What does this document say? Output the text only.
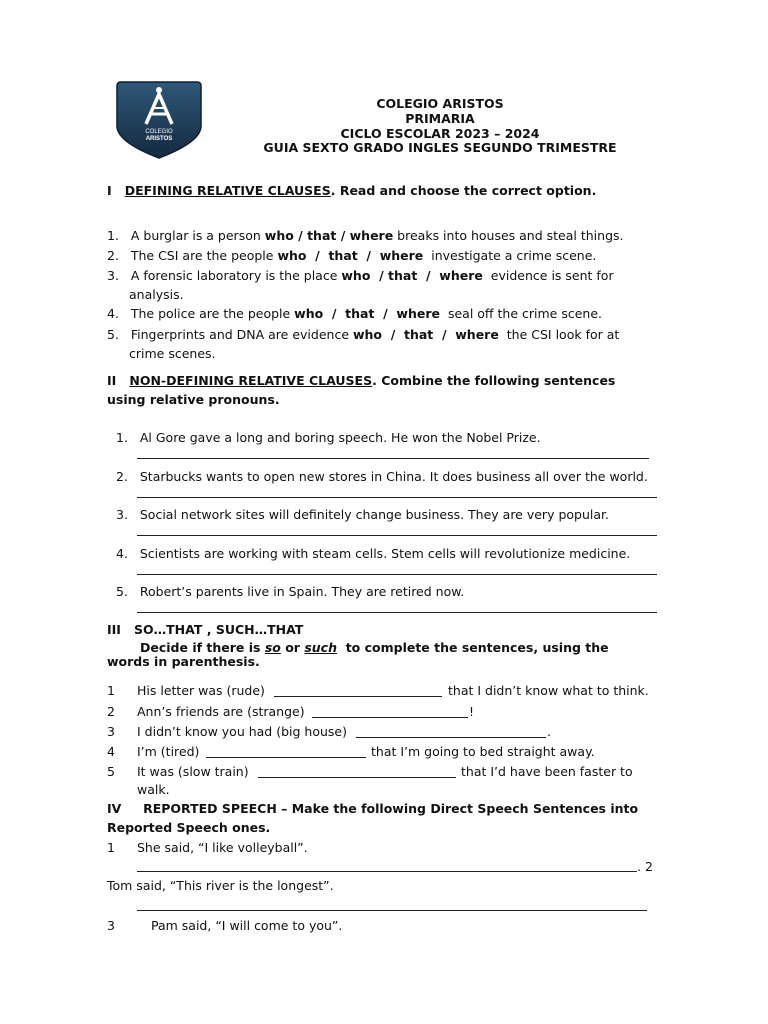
COLEGIO
ARISTOS
COLEGIO ARISTOS
PRIMARIA
CICLO ESCOLAR 2023 – 2024
GUIA SEXTO GRADO INGLES SEGUNDO TRIMESTRE
I DEFINING RELATIVE CLAUSES. Read and choose the correct option.
1. A burglar is a person who / that / where breaks into houses and steal things.
2. The CSI are the people who  /  that  /  where  investigate a crime scene.
3. A forensic laboratory is the place who  / that  /  where  evidence is sent for
analysis.
4. The police are the people who  /  that  /  where  seal off the crime scene.
5. Fingerprints and DNA are evidence who  /  that  /  where  the CSI look for at
crime scenes.
II NON-DEFINING RELATIVE CLAUSES. Combine the following sentences
using relative pronouns.
1. Al Gore gave a long and boring speech. He won the Nobel Prize.
2. Starbucks wants to open new stores in China. It does business all over the world.
3. Social network sites will definitely change business. They are very popular.
4. Scientists are working with steam cells. Stem cells will revolutionize medicine.
5. Robert’s parents live in Spain. They are retired now.
III SO…THAT , SUCH…THAT
Decide if there is so or such  to complete the sentences, using the
words in parenthesis.
1 His letter was (rude)	that I didn’t know what to think.
2 Ann’s friends are (strange)	!
3 I didn’t know you had (big house)	.
4 I’m (tired)	that I’m going to bed straight away.
5 It was (slow train)	that I’d have been faster to
walk.
IV REPORTED SPEECH – Make the following Direct Speech Sentences into
Reported Speech ones.
1 She said, “I like volleyball”.
. 2
Tom said, “This river is the longest”.
3	Pam said, “I will come to you”.
